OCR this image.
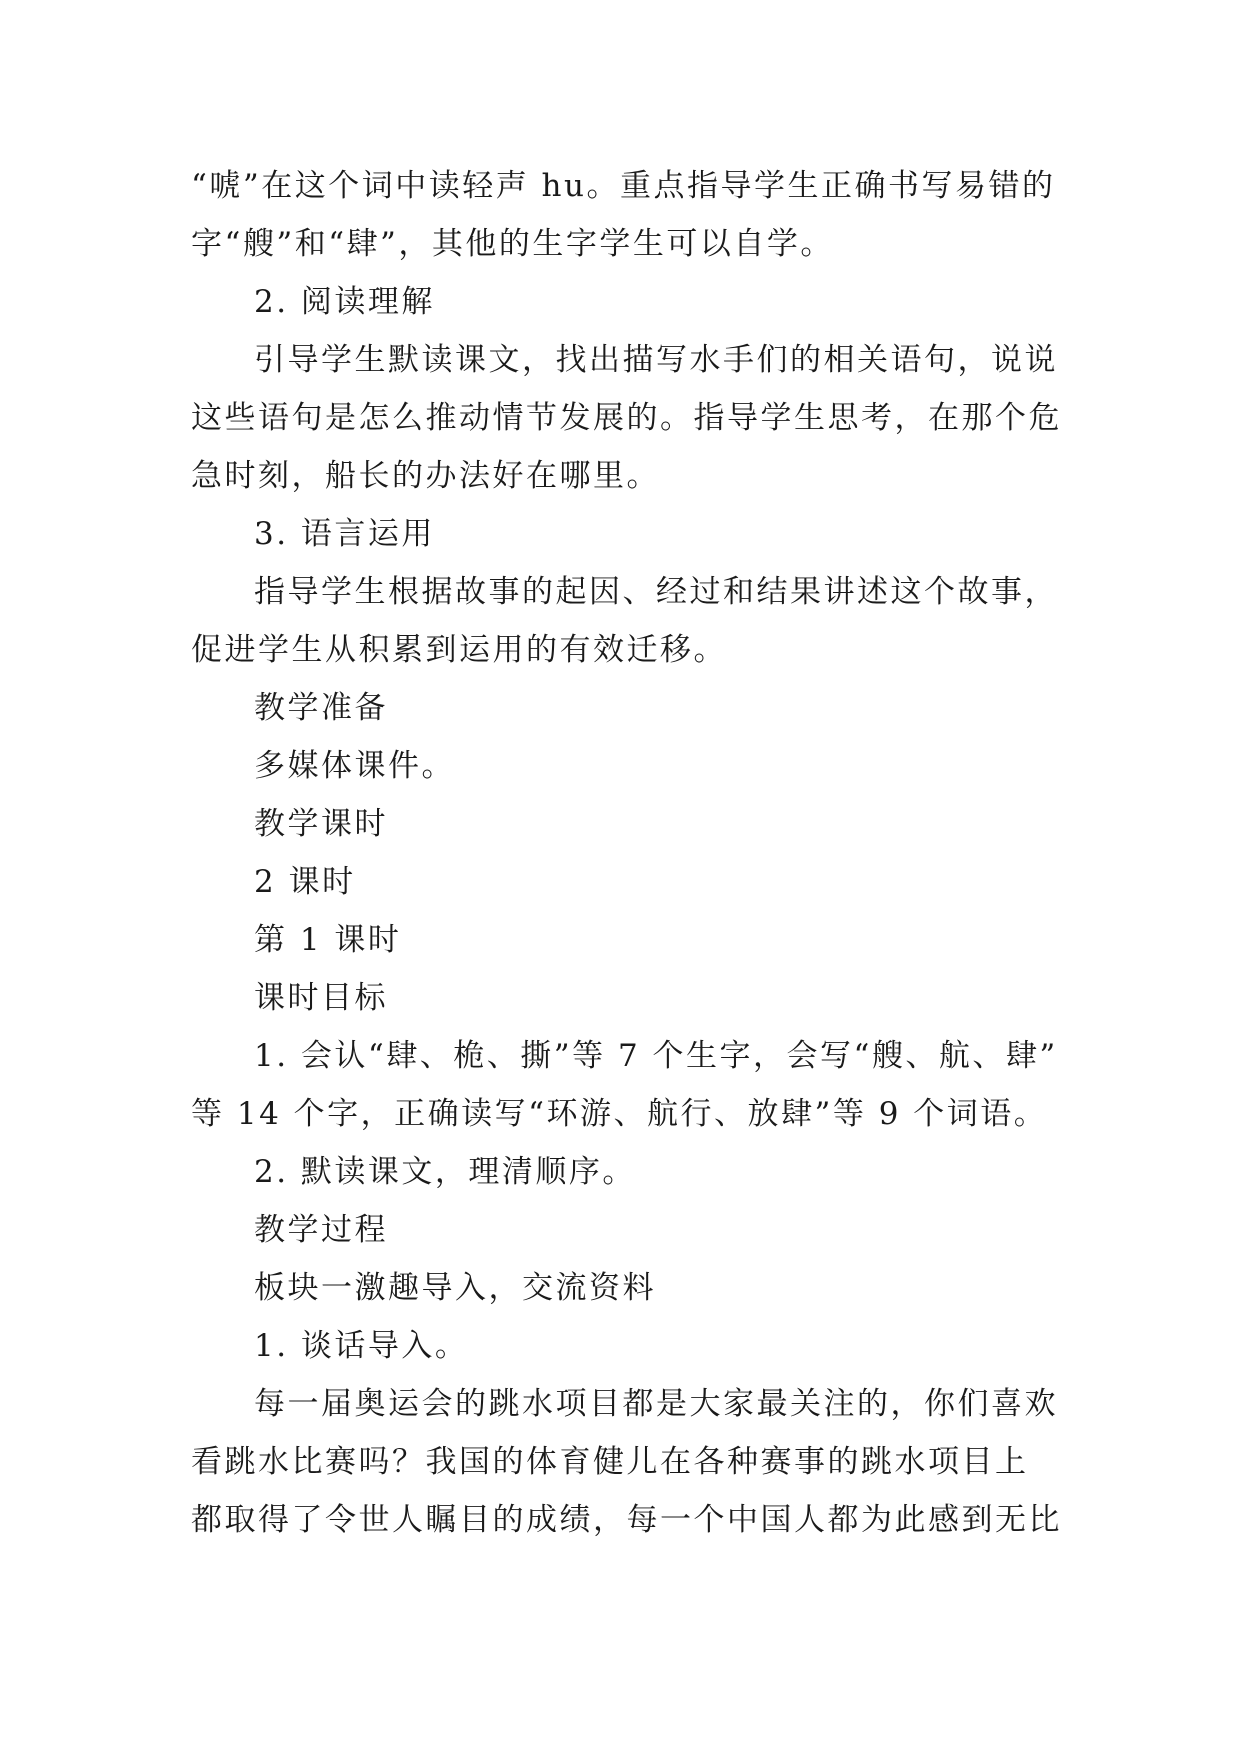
“唬”在这个词中读轻声 hu。重点指导学生正确书写易错的
字“艘”和“肆”，其他的生字学生可以自学。
2. 阅读理解
引导学生默读课文，找出描写水手们的相关语句，说说
这些语句是怎么推动情节发展的。指导学生思考，在那个危
急时刻，船长的办法好在哪里。
3. 语言运用
指导学生根据故事的起因、经过和结果讲述这个故事，
促进学生从积累到运用的有效迁移。
教学准备
多媒体课件。
教学课时
2 课时
第 1 课时
课时目标
1. 会认“肆、桅、撕”等 7 个生字，会写“艘、航、肆”
等 14 个字，正确读写“环游、航行、放肆”等 9 个词语。
2. 默读课文，理清顺序。
教学过程
板块一激趣导入，交流资料
1. 谈话导入。
每一届奥运会的跳水项目都是大家最关注的，你们喜欢
看跳水比赛吗？我国的体育健儿在各种赛事的跳水项目上
都取得了令世人瞩目的成绩，每一个中国人都为此感到无比
